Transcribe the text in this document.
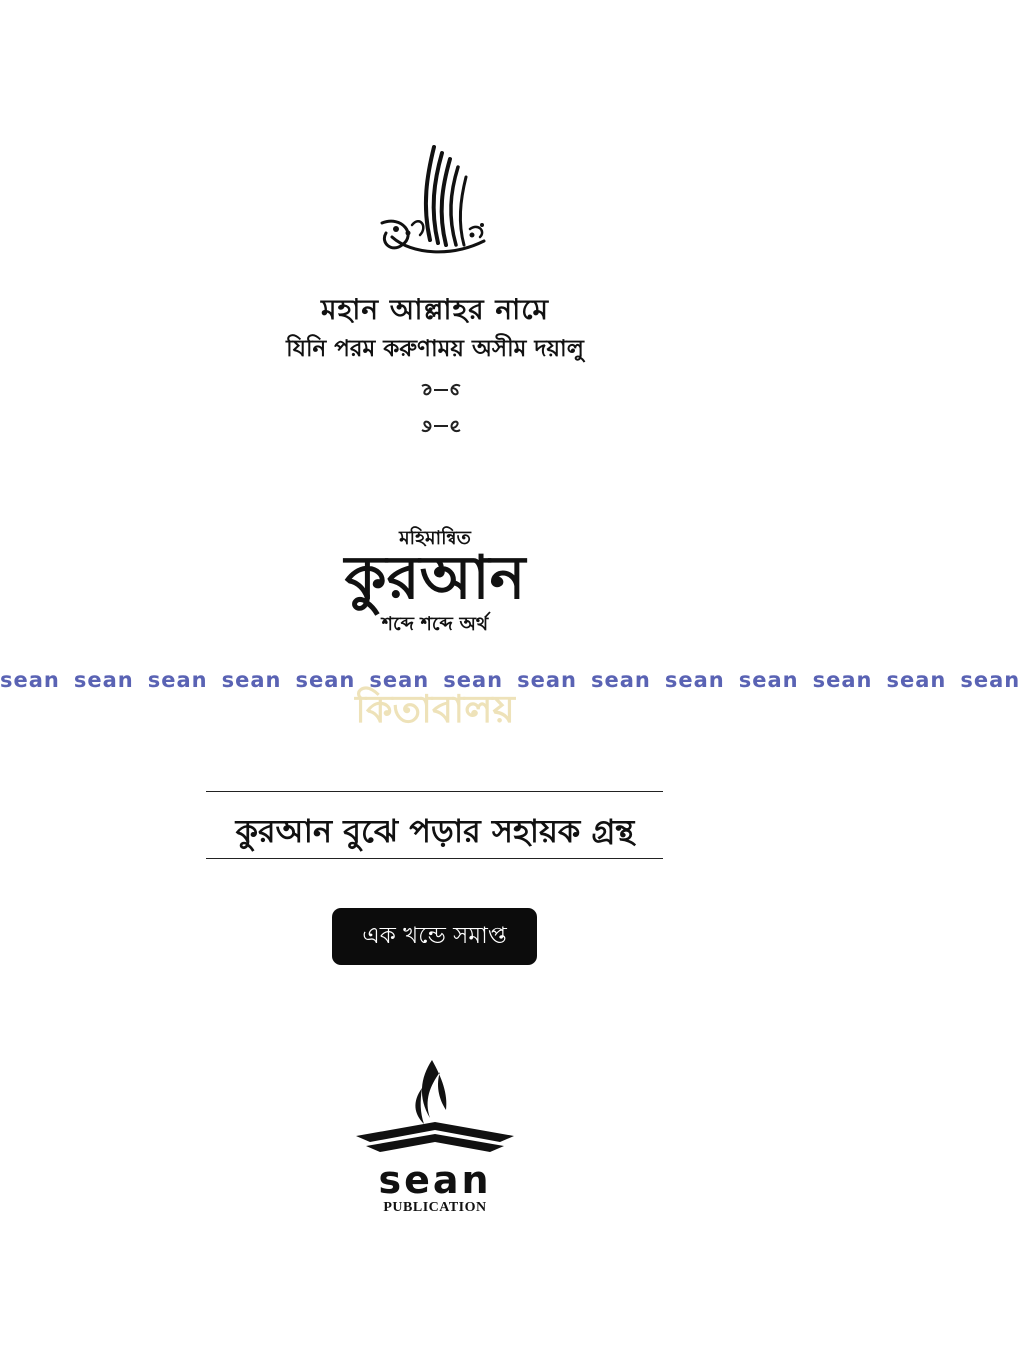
মহান আল্লাহর নামে
যিনি পরম করুণাময় অসীম দয়ালু
মহিমান্বিত
কুরআন
শব্দে শব্দে অর্থ
কিতাবালয়
sean sean sean sean sean sean sean sean sean sean sean sean sean sean
কুরআন বুঝে পড়ার সহায়ক গ্রন্থ
এক খন্ডে সমাপ্ত
sean
PUBLICATION
